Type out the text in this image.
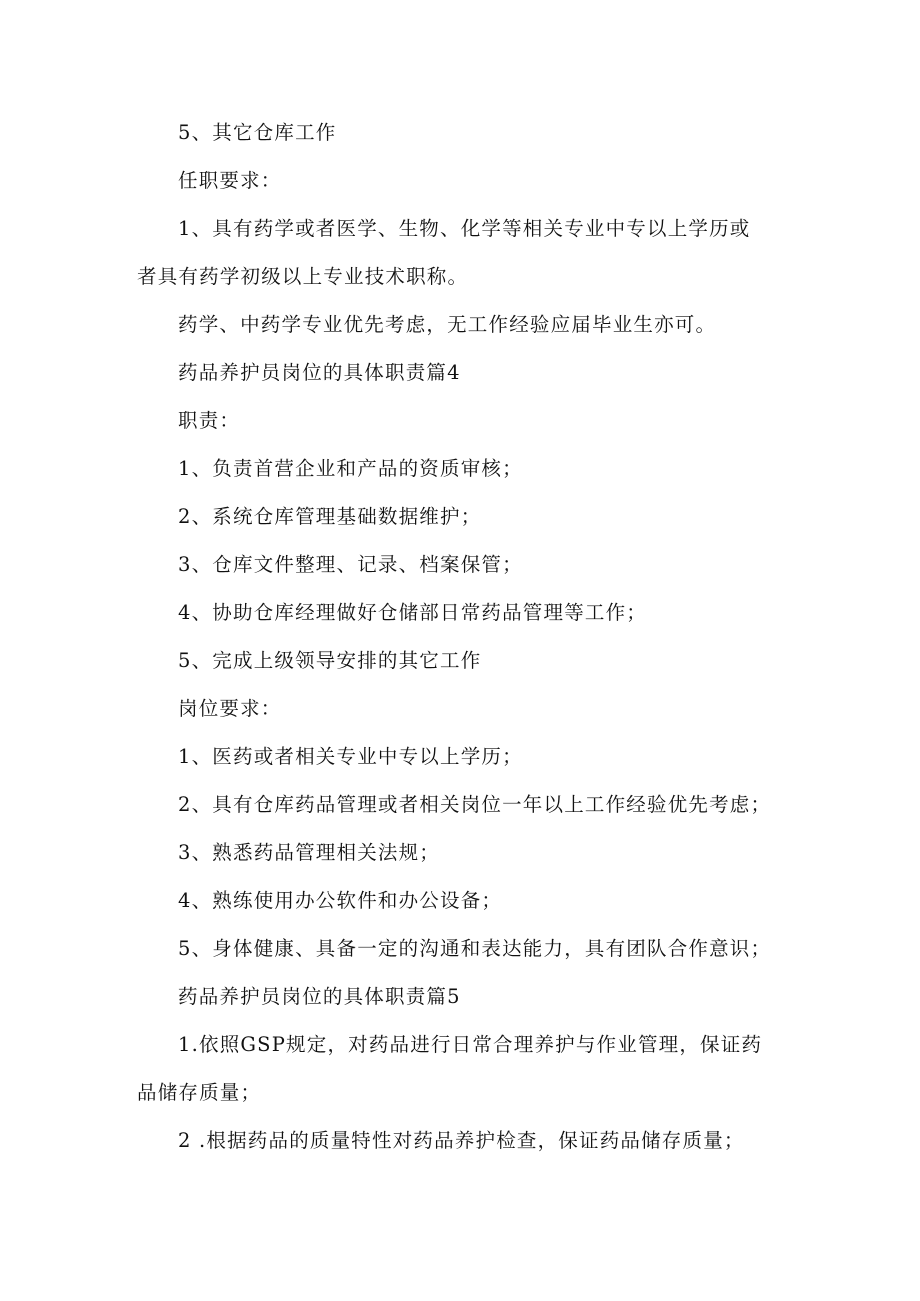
5、其它仓库工作
任职要求：
1、具有药学或者医学、生物、化学等相关专业中专以上学历或
者具有药学初级以上专业技术职称。
药学、中药学专业优先考虑，无工作经验应届毕业生亦可。
药品养护员岗位的具体职责篇4
职责：
1、负责首营企业和产品的资质审核；
2、系统仓库管理基础数据维护；
3、仓库文件整理、记录、档案保管；
4、协助仓库经理做好仓储部日常药品管理等工作；
5、完成上级领导安排的其它工作
岗位要求：
1、医药或者相关专业中专以上学历；
2、具有仓库药品管理或者相关岗位一年以上工作经验优先考虑；
3、熟悉药品管理相关法规；
4、熟练使用办公软件和办公设备；
5、身体健康、具备一定的沟通和表达能力，具有团队合作意识；
药品养护员岗位的具体职责篇5
1.依照GSP规定，对药品进行日常合理养护与作业管理，保证药
品储存质量；
2 .根据药品的质量特性对药品养护检查，保证药品储存质量；
